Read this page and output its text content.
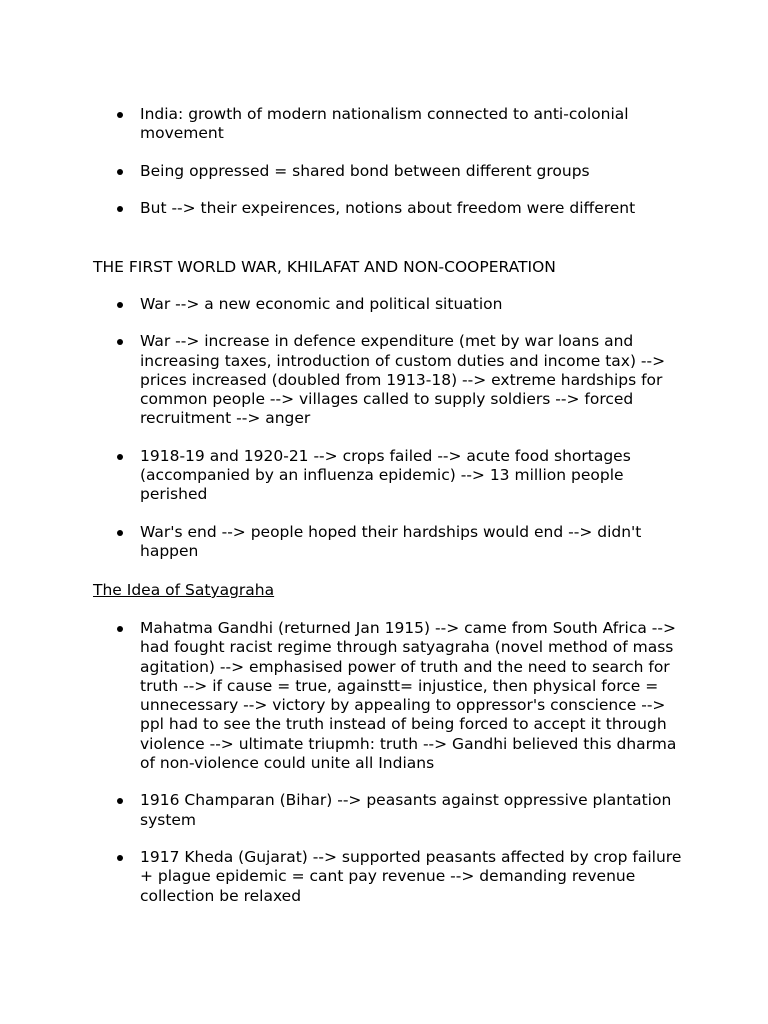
India: growth of modern nationalism connected to anti-colonial movement
Being oppressed = shared bond between different groups
But --> their expeirences, notions about freedom were different
THE FIRST WORLD WAR, KHILAFAT AND NON-COOPERATION
War --> a new economic and political situation
War --> increase in defence expenditure (met by war loans and increasing taxes, introduction of custom duties and income tax) --> prices increased (doubled from 1913-18) --> extreme hardships for common people --> villages called to supply soldiers --> forced recruitment --> anger
1918-19 and 1920-21 --> crops failed --> acute food shortages (accompanied by an influenza epidemic) --> 13 million people perished
War's end --> people hoped their hardships would end --> didn't happen
The Idea of Satyagraha
Mahatma Gandhi (returned Jan 1915) --> came from South Africa --> had fought racist regime through satyagraha (novel method of mass agitation) --> emphasised power of truth and the need to search for truth --> if cause = true, againstt= injustice, then physical force = unnecessary --> victory by appealing to oppressor's conscience --> ppl had to see the truth instead of being forced to accept it through violence --> ultimate triupmh: truth --> Gandhi believed this dharma of non-violence could unite all Indians
1916 Champaran (Bihar) --> peasants against oppressive plantation system
1917 Kheda (Gujarat) --> supported peasants affected by crop failure + plague epidemic = cant pay revenue --> demanding revenue collection be relaxed
